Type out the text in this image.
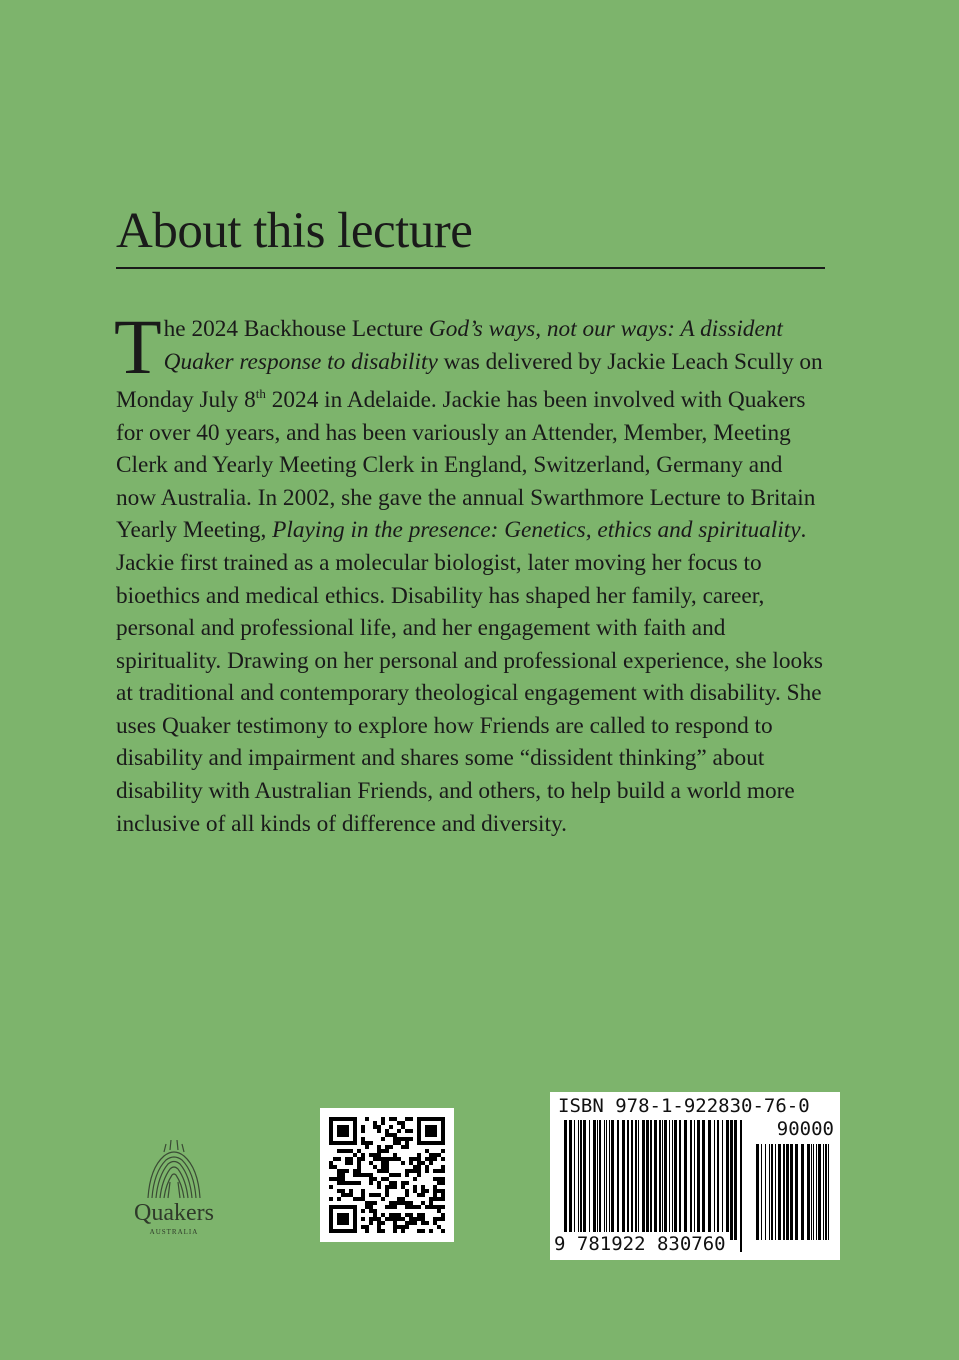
About this lecture

The 2024 Backhouse Lecture God’s ways, not our ways: A dissident Quaker response to disability was delivered by Jackie Leach Scully on Monday July 8th 2024 in Adelaide. Jackie has been involved with Quakers for over 40 years, and has been variously an Attender, Member, Meeting Clerk and Yearly Meeting Clerk in England, Switzerland, Germany and now Australia. In 2002, she gave the annual Swarthmore Lecture to Britain Yearly Meeting, Playing in the presence: Genetics, ethics and spirituality. Jackie first trained as a molecular biologist, later moving her focus to bioethics and medical ethics. Disability has shaped her family, career, personal and professional life, and her engagement with faith and spirituality. Drawing on her personal and professional experience, she looks at traditional and contemporary theological engagement with disability. She uses Quaker testimony to explore how Friends are called to respond to disability and impairment and shares some “dissident thinking” about disability with Australian Friends, and others, to help build a world more inclusive of all kinds of difference and diversity.

Quakers
AUSTRALIA
ISBN 978-1-922830-76-0
90000
9 781922 830760
